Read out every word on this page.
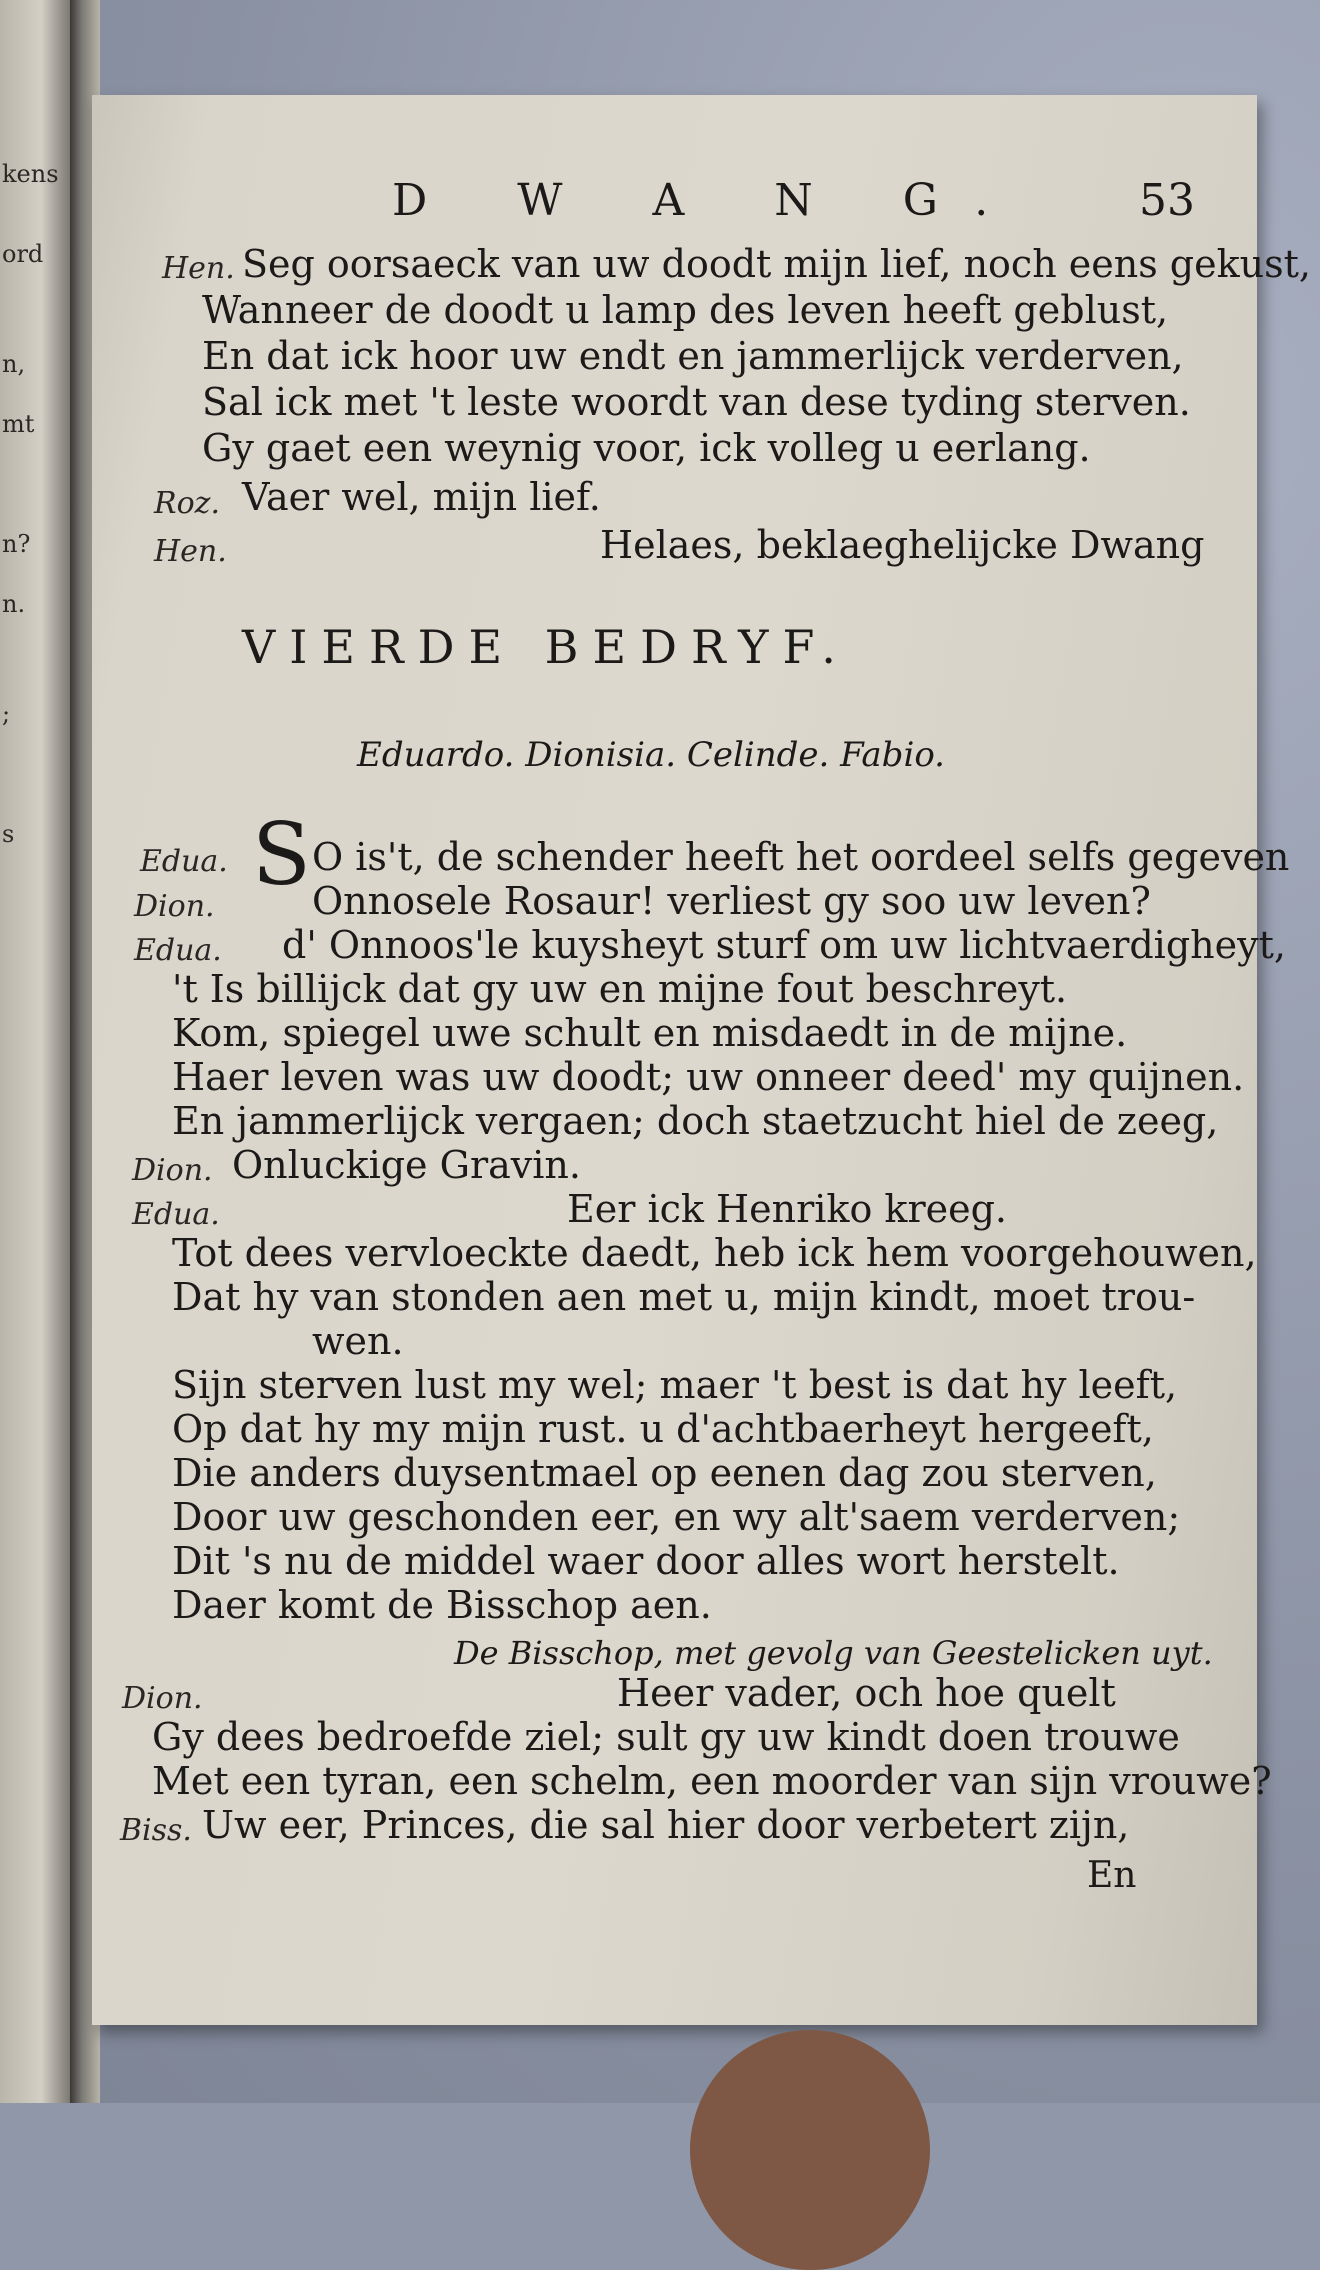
kens
ord
n,
mt
n?
n.
;
s
D W A N G.	53
Hen. Seg oorsaeck van uw doodt mijn lief, noch eens gekust,
Wanneer de doodt u lamp des leven heeft geblust,
En dat ick hoor uw endt en jammerlijck verderven,
Sal ick met 't leste woordt van dese tyding sterven.
Gy gaet een weynig voor, ick volleg u eerlang.
Roz. Vaer wel, mijn lief.
Hen.	Helaes, beklaeghelijcke Dwang
VIERDE BEDRYF.
Eduardo. Dionisia. Celinde. Fabio.
Edua. S O is't, de schender heeft het oordeel selfs gegeven
Dion.	Onnosele Rosaur! verliest gy soo uw leven?
Edua. d' Onnoos'le kuysheyt sturf om uw lichtvaerdigheyt,
't Is billijck dat gy uw en mijne fout beschreyt.
Kom, spiegel uwe schult en misdaedt in de mijne.
Haer leven was uw doodt; uw onneer deed' my quijnen.
En jammerlijck vergaen; doch staetzucht hiel de zeeg,
Dion. Onluckige Gravin.
Edua.	Eer ick Henriko kreeg.
Tot dees vervloeckte daedt, heb ick hem voorgehouwen,
Dat hy van stonden aen met u, mijn kindt, moet trou-
wen.
Sijn sterven lust my wel; maer 't best is dat hy leeft,
Op dat hy my mijn rust. u d'achtbaerheyt hergeeft,
Die anders duysentmael op eenen dag zou sterven,
Door uw geschonden eer, en wy alt'saem verderven;
Dit 's nu de middel waer door alles wort herstelt.
Daer komt de Bisschop aen.
De Bisschop, met gevolg van Geestelicken uyt.
Dion.	Heer vader, och hoe quelt
Gy dees bedroefde ziel; sult gy uw kindt doen trouwe
Met een tyran, een schelm, een moorder van sijn vrouwe?
Biss. Uw eer, Princes, die sal hier door verbetert zijn,
En
